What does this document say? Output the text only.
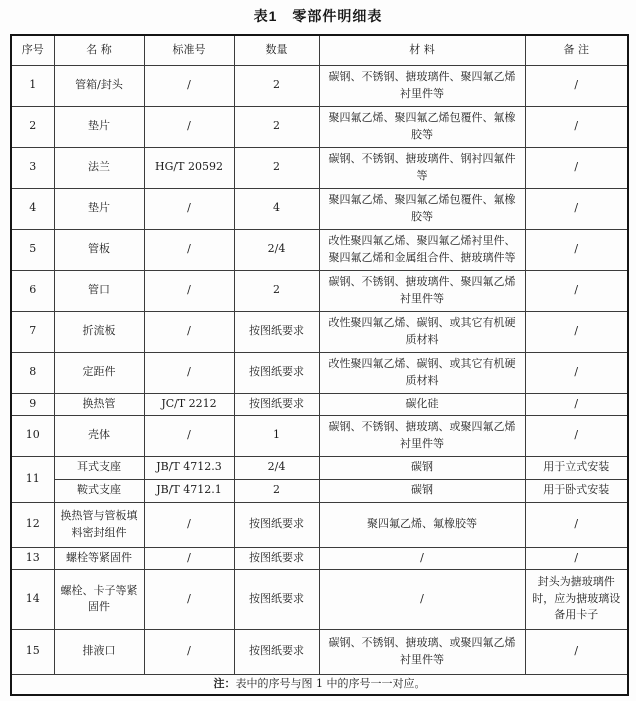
表1　零部件明细表
序号	名 称	标准号	数量	材 料	备 注
1	管箱/封头	/	2	碳钢、不锈钢、搪玻璃件、聚四氟乙烯衬里件等	/
2	垫片	/	2	聚四氟乙烯、聚四氟乙烯包覆件、氟橡胶等	/
3	法兰	HG/T 20592	2	碳钢、不锈钢、搪玻璃件、钢衬四氟件等	/
4	垫片	/	4	聚四氟乙烯、聚四氟乙烯包覆件、氟橡胶等	/
5	管板	/	2/4	改性聚四氟乙烯、聚四氟乙烯衬里件、聚四氟乙烯和金属组合件、搪玻璃件等	/
6	管口	/	2	碳钢、不锈钢、搪玻璃件、聚四氟乙烯衬里件等	/
7	折流板	/	按图纸要求	改性聚四氟乙烯、碳钢、或其它有机硬质材料	/
8	定距件	/	按图纸要求	改性聚四氟乙烯、碳钢、或其它有机硬质材料	/
9	换热管	JC/T 2212	按图纸要求	碳化硅	/
10	壳体	/	1	碳钢、不锈钢、搪玻璃、或聚四氟乙烯衬里件等	/
11	耳式支座	JB/T 4712.3	2/4	碳钢	用于立式安装
	鞍式支座	JB/T 4712.1	2	碳钢	用于卧式安装
12	换热管与管板填料密封组件	/	按图纸要求	聚四氟乙烯、氟橡胶等	/
13	螺栓等紧固件	/	按图纸要求	/	/
14	螺栓、卡子等紧固件	/	按图纸要求	/	封头为搪玻璃件时，应为搪玻璃设备用卡子
15	排液口	/	按图纸要求	碳钢、不锈钢、搪玻璃、或聚四氟乙烯衬里件等	/
注：表中的序号与图 1 中的序号一一对应。					
